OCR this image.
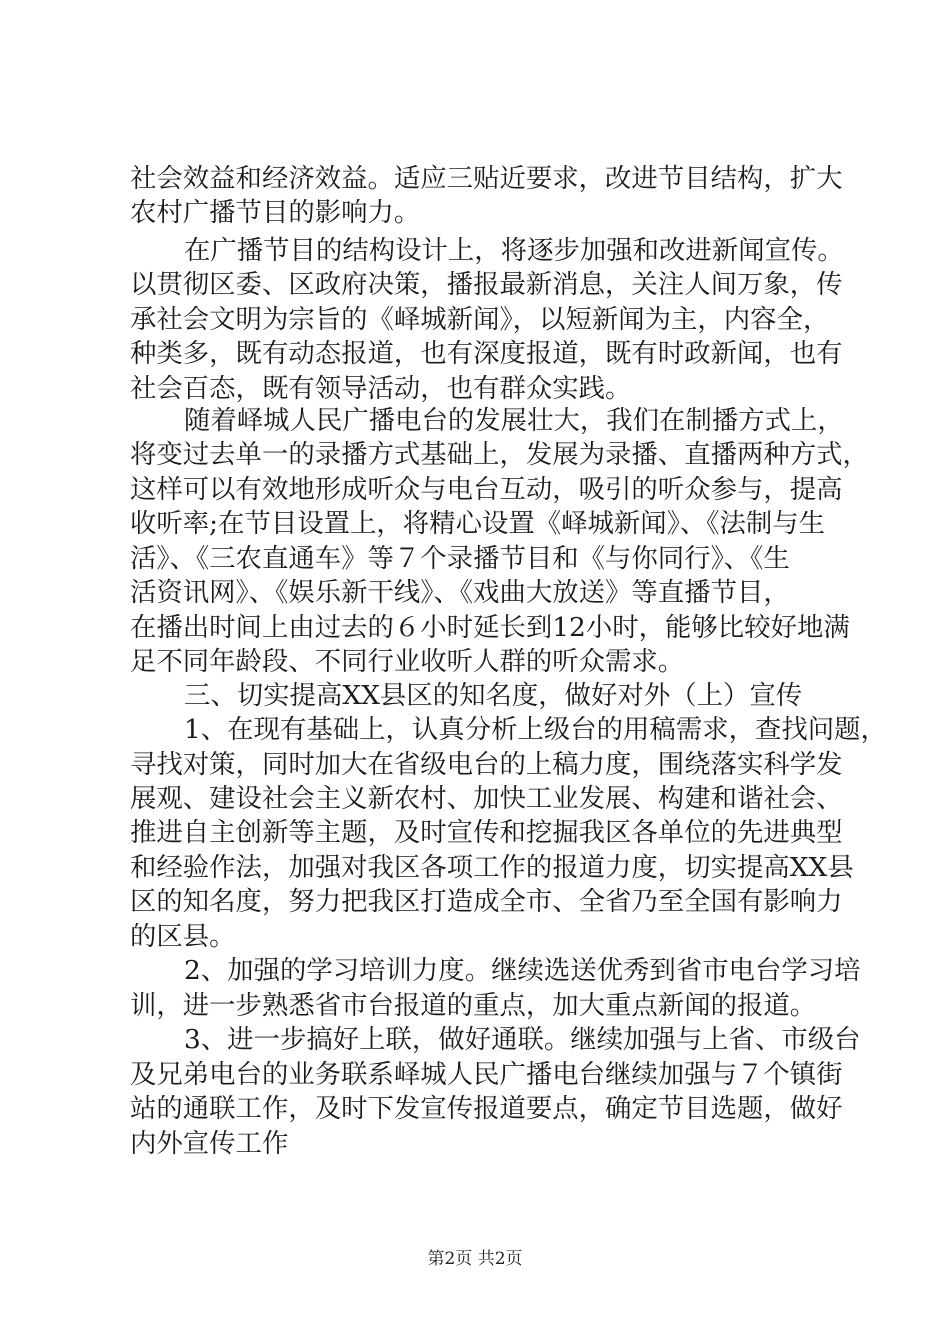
社会效益和经济效益。适应三贴近要求，改进节目结构，扩大
农村广播节目的影响力。
在广播节目的结构设计上，将逐步加强和改进新闻宣传。
以贯彻区委、区政府决策，播报最新消息，关注人间万象，传
承社会文明为宗旨的《峄城新闻》，以短新闻为主，内容全，
种类多，既有动态报道，也有深度报道，既有时政新闻，也有
社会百态，既有领导活动，也有群众实践。
随着峄城人民广播电台的发展壮大，我们在制播方式上，
将变过去单一的录播方式基础上，发展为录播、直播两种方式，
这样可以有效地形成听众与电台互动，吸引的听众参与，提高
收听率;在节目设置上，将精心设置《峄城新闻》、《法制与生
活》、《三农直通车》等７个录播节目和《与你同行》、《生
活资讯网》、《娱乐新干线》、《戏曲大放送》等直播节目，
在播出时间上由过去的６小时延长到12小时，能够比较好地满
足不同年龄段、不同行业收听人群的听众需求。
三、切实提高XX县区的知名度，做好对外（上）宣传
1、在现有基础上，认真分析上级台的用稿需求，查找问题，
寻找对策，同时加大在省级电台的上稿力度，围绕落实科学发
展观、建设社会主义新农村、加快工业发展、构建和谐社会、
推进自主创新等主题，及时宣传和挖掘我区各单位的先进典型
和经验作法，加强对我区各项工作的报道力度，切实提高XX县
区的知名度，努力把我区打造成全市、全省乃至全国有影响力
的区县。
2、加强的学习培训力度。继续选送优秀到省市电台学习培
训，进一步熟悉省市台报道的重点，加大重点新闻的报道。
3、进一步搞好上联，做好通联。继续加强与上省、市级台
及兄弟电台的业务联系峄城人民广播电台继续加强与７个镇街
站的通联工作，及时下发宣传报道要点，确定节目选题，做好
内外宣传工作
第2页 共2页
